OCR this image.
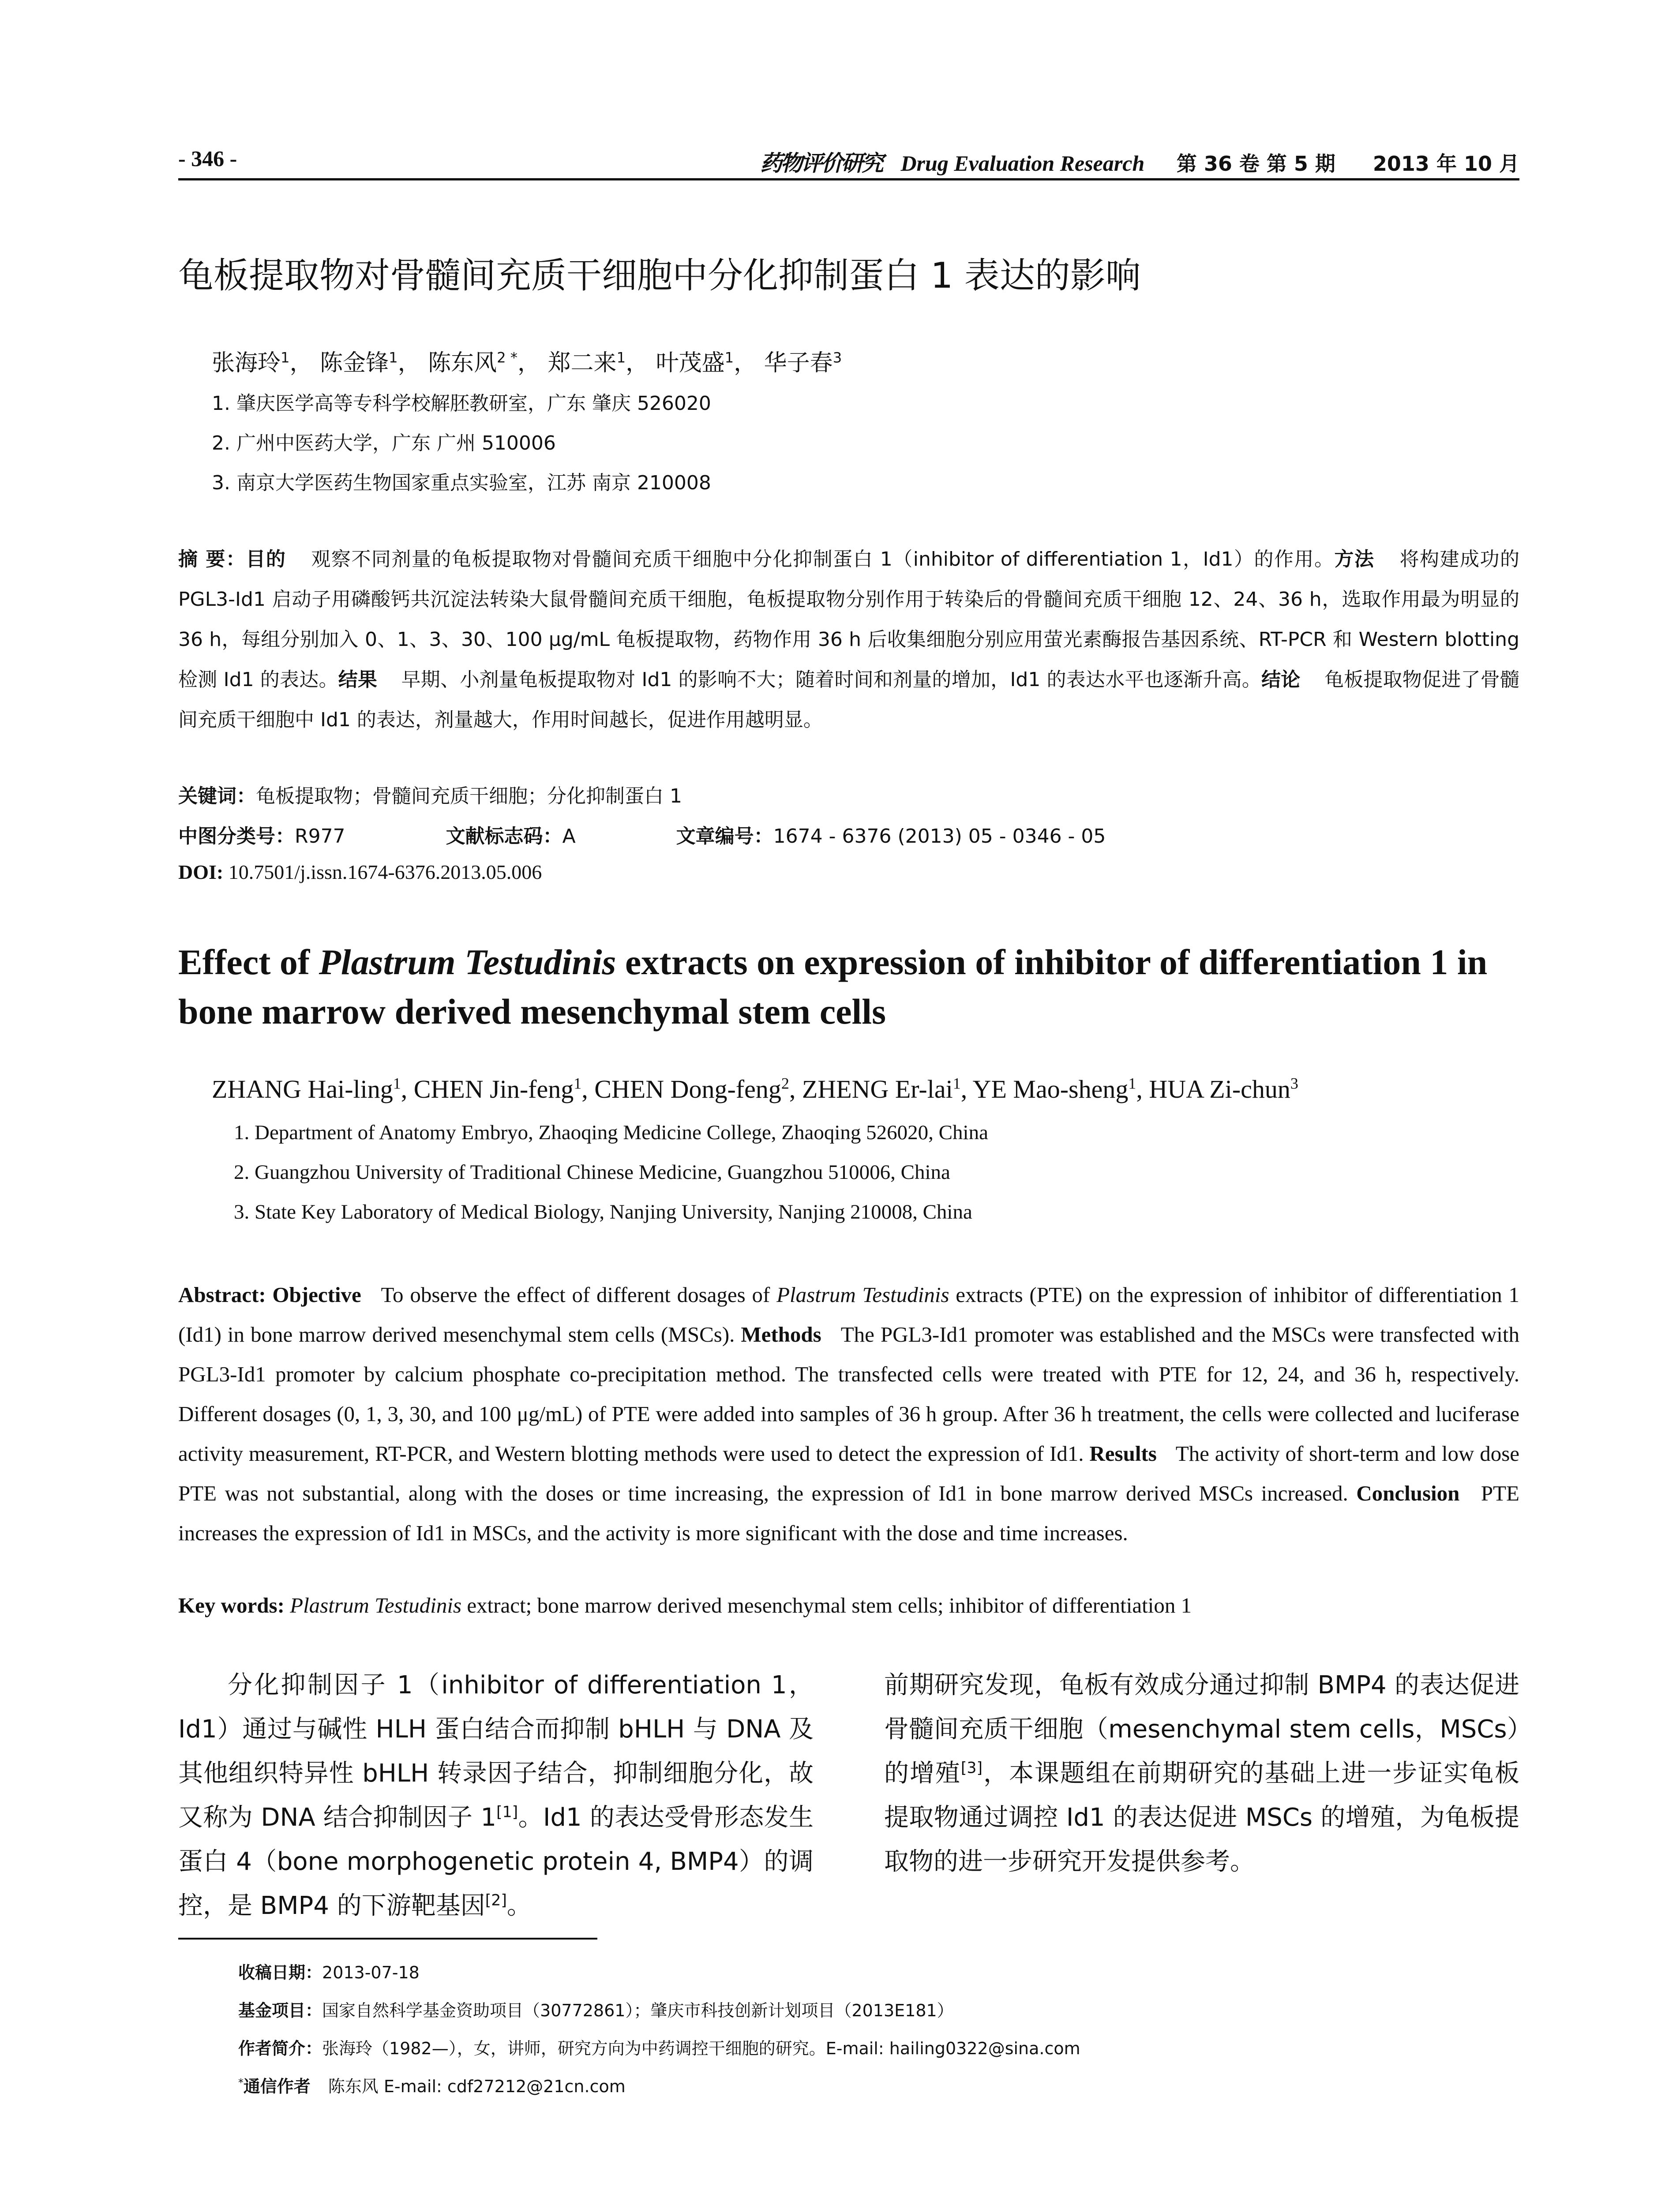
- 346 -	药物评价研究 Drug Evaluation Research 第 36 卷 第 5 期 2013 年 10 月
龟板提取物对骨髓间充质干细胞中分化抑制蛋白 1 表达的影响
张海玲$^1$， 陈金锋$^1$， 陈东风$^{2 *}$， 郑二来$^1$， 叶茂盛$^1$， 华子春$^3$
1. 肇庆医学高等专科学校解胚教研室，广东 肇庆 526020
2. 广州中医药大学，广东 广州 510006
3. 南京大学医药生物国家重点实验室，江苏 南京 210008
摘 要：目的 观察不同剂量的龟板提取物对骨髓间充质干细胞中分化抑制蛋白 1（inhibitor of differentiation 1，Id1）的作用。方法 将构建成功的 PGL3-Id1 启动子用磷酸钙共沉淀法转染大鼠骨髓间充质干细胞，龟板提取物分别作用于转染后的骨髓间充质干细胞 12、24、36 h，选取作用最为明显的 36 h，每组分别加入 0、1、3、30、100 μg/mL 龟板提取物，药物作用 36 h 后收集细胞分别应用萤光素酶报告基因系统、RT-PCR 和 Western blotting 检测 Id1 的表达。结果 早期、小剂量龟板提取物对 Id1 的影响不大；随着时间和剂量的增加，Id1 的表达水平也逐渐升高。结论 龟板提取物促进了骨髓间充质干细胞中 Id1 的表达，剂量越大，作用时间越长，促进作用越明显。
关键词：龟板提取物；骨髓间充质干细胞；分化抑制蛋白 1
中图分类号：R977	文献标志码：A	文章编号：1674 - 6376 (2013) 05 - 0346 - 05
DOI: 10.7501/j.issn.1674-6376.2013.05.006
Effect of Plastrum Testudinis extracts on expression of inhibitor of differentiation 1 in bone marrow derived mesenchymal stem cells
ZHANG Hai-ling$^1$, CHEN Jin-feng$^1$, CHEN Dong-feng$^2$, ZHENG Er-lai$^1$, YE Mao-sheng$^1$, HUA Zi-chun$^3$
1. Department of Anatomy Embryo, Zhaoqing Medicine College, Zhaoqing 526020, China
2. Guangzhou University of Traditional Chinese Medicine, Guangzhou 510006, China
3. State Key Laboratory of Medical Biology, Nanjing University, Nanjing 210008, China
Abstract: Objective To observe the effect of different dosages of Plastrum Testudinis extracts (PTE) on the expression of inhibitor of differentiation 1 (Id1) in bone marrow derived mesenchymal stem cells (MSCs). Methods The PGL3-Id1 promoter was established and the MSCs were transfected with PGL3-Id1 promoter by calcium phosphate co-precipitation method. The transfected cells were treated with PTE for 12, 24, and 36 h, respectively. Different dosages (0, 1, 3, 30, and 100 μg/mL) of PTE were added into samples of 36 h group. After 36 h treatment, the cells were collected and luciferase activity measurement, RT-PCR, and Western blotting methods were used to detect the expression of Id1. Results The activity of short-term and low dose PTE was not substantial, along with the doses or time increasing, the expression of Id1 in bone marrow derived MSCs increased. Conclusion PTE increases the expression of Id1 in MSCs, and the activity is more significant with the dose and time increases.
Key words: Plastrum Testudinis extract; bone marrow derived mesenchymal stem cells; inhibitor of differentiation 1
分化抑制因子 1（inhibitor of differentiation 1，Id1）通过与碱性 HLH 蛋白结合而抑制 bHLH 与 DNA 及其他组织特异性 bHLH 转录因子结合，抑制细胞分化，故又称为 DNA 结合抑制因子 1[1]。Id1 的表达受骨形态发生蛋白 4（bone morphogenetic protein 4, BMP4）的调控，是 BMP4 的下游靶基因[2]。
前期研究发现，龟板有效成分通过抑制 BMP4 的表达促进骨髓间充质干细胞（mesenchymal stem cells，MSCs）的增殖[3]，本课题组在前期研究的基础上进一步证实龟板提取物通过调控 Id1 的表达促进 MSCs 的增殖，为龟板提取物的进一步研究开发提供参考。
收稿日期：2013-07-18
基金项目：国家自然科学基金资助项目（30772861）；肇庆市科技创新计划项目（2013E181）
作者简介：张海玲（1982—），女，讲师，研究方向为中药调控干细胞的研究。E-mail: hailing0322@sina.com
*通信作者 陈东风 E-mail: cdf27212@21cn.com
